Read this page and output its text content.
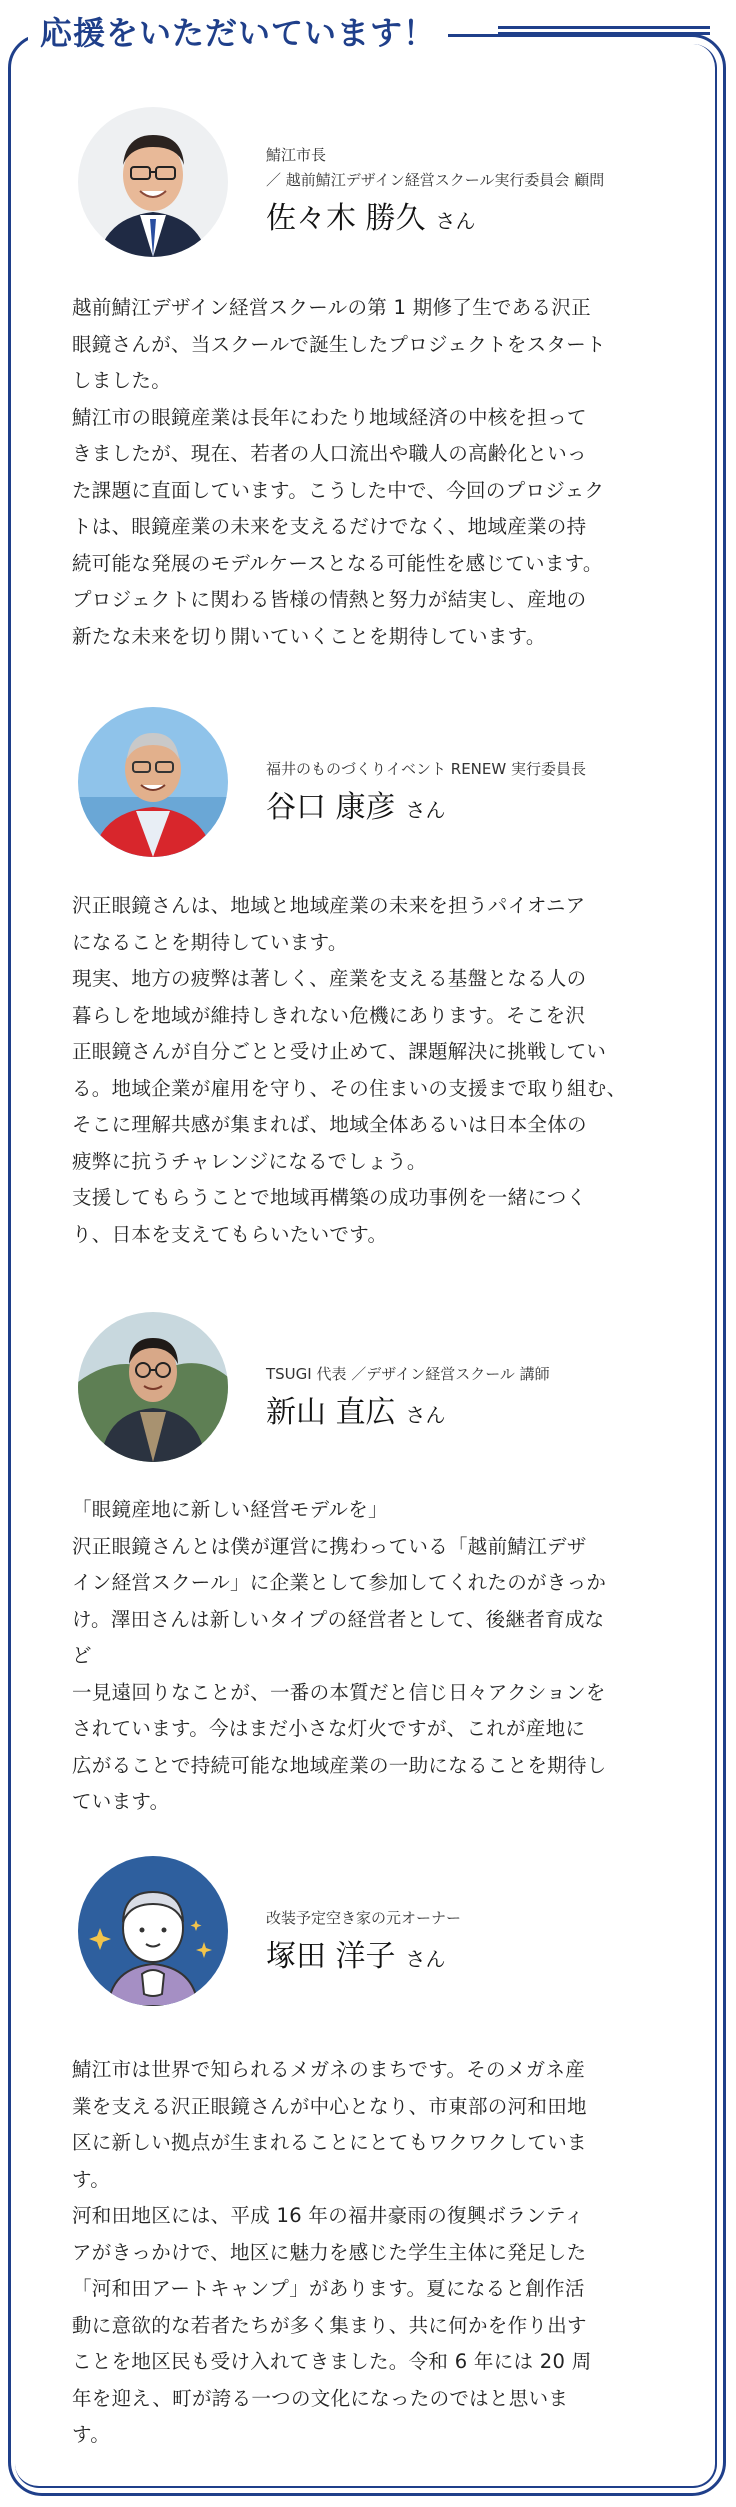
応援をいただいています！
鯖江市長
／ 越前鯖江デザイン経営スクール実行委員会 顧問
佐々木 勝久 さん
越前鯖江デザイン経営スクールの第 1 期修了生である沢正
眼鏡さんが、当スクールで誕生したプロジェクトをスタート
しました。
鯖江市の眼鏡産業は長年にわたり地域経済の中核を担って
きましたが、現在、若者の人口流出や職人の高齢化といっ
た課題に直面しています。こうした中で、今回のプロジェク
トは、眼鏡産業の未来を支えるだけでなく、地域産業の持
続可能な発展のモデルケースとなる可能性を感じています。
プロジェクトに関わる皆様の情熱と努力が結実し、産地の
新たな未来を切り開いていくことを期待しています。
福井のものづくりイベント RENEW 実行委員長
谷口 康彦 さん
沢正眼鏡さんは、地域と地域産業の未来を担うパイオニア
になることを期待しています。
現実、地方の疲弊は著しく、産業を支える基盤となる人の
暮らしを地域が維持しきれない危機にあります。そこを沢
正眼鏡さんが自分ごとと受け止めて、課題解決に挑戦してい
る。地域企業が雇用を守り、その住まいの支援まで取り組む、
そこに理解共感が集まれば、地域全体あるいは日本全体の
疲弊に抗うチャレンジになるでしょう。
支援してもらうことで地域再構築の成功事例を一緒につく
り、日本を支えてもらいたいです。
TSUGI 代表 ／デザイン経営スクール 講師
新山 直広 さん
「眼鏡産地に新しい経営モデルを」
沢正眼鏡さんとは僕が運営に携わっている「越前鯖江デザ
イン経営スクール」に企業として参加してくれたのがきっか
け。澤田さんは新しいタイプの経営者として、後継者育成な
ど
一見遠回りなことが、一番の本質だと信じ日々アクションを
されています。今はまだ小さな灯火ですが、これが産地に
広がることで持続可能な地域産業の一助になることを期待し
ています。
改装予定空き家の元オーナー
塚田 洋子 さん
鯖江市は世界で知られるメガネのまちです。そのメガネ産
業を支える沢正眼鏡さんが中心となり、市東部の河和田地
区に新しい拠点が生まれることにとてもワクワクしていま
す。
河和田地区には、平成 16 年の福井豪雨の復興ボランティ
アがきっかけで、地区に魅力を感じた学生主体に発足した
「河和田アートキャンプ」があります。夏になると創作活
動に意欲的な若者たちが多く集まり、共に何かを作り出す
ことを地区民も受け入れてきました。令和 6 年には 20 周
年を迎え、町が誇る一つの文化になったのではと思いま
す。
